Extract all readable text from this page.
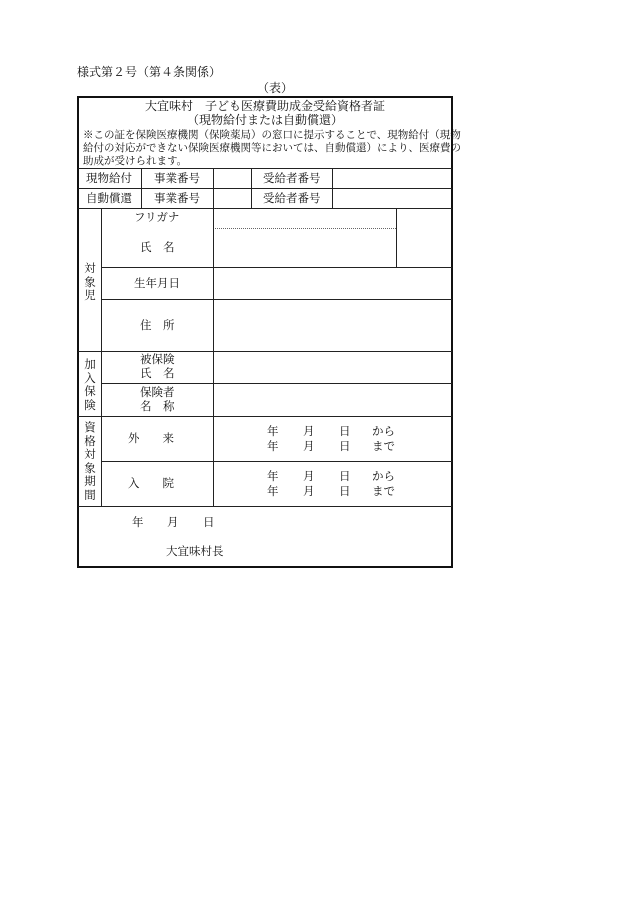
様式第２号（第４条関係）
（表）
大宜味村　子ども医療費助成金受給資格者証
（現物給付または自動償還）
※この証を保険医療機関（保険薬局）の窓口に提示することで、現物給付（現物
給付の対応ができない保険医療機関等においては、自動償還）により、医療費の
助成が受けられます。
現物給付 事業番号	受給者番号
自動償還 事業番号	受給者番号
対象児
フリガナ
氏　名
生年月日
住　所
加入保険
被保険
氏　名
保険者
名　称
資格対象期間
外　　来
入　　院
年 月 日 から
年 月 日 まで
年 月 日 から
年 月 日 まで
年 月 日
大宜味村長
